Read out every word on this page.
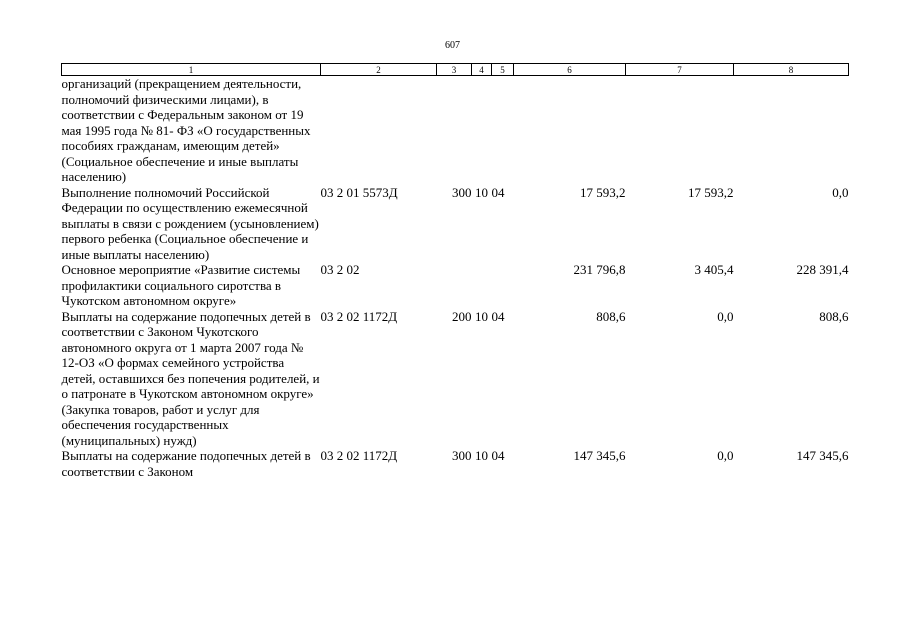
607
1	2	3	4	5	6	7	8
организаций (прекращением деятельности, полномочий физическими лицами), в соответствии с Федеральным законом от 19 мая 1995 года № 81- ФЗ «О государственных пособиях гражданам, имеющим детей» (Социальное обеспечение и иные выплаты населению)							
Выполнение полномочий Российской Федерации по осуществлению ежемесячной выплаты в связи с рождением (усыновлением) первого ребенка (Социальное обеспечение и иные выплаты населению)	03 2 01 5573Д	300	10	04	17 593,2	17 593,2	0,0
Основное мероприятие «Развитие системы профилактики социального сиротства в Чукотском автономном округе»	03 2 02				231 796,8	3 405,4	228 391,4
Выплаты на содержание подопечных детей в соответствии с Законом Чукотского автономного округа от 1 марта 2007 года № 12-ОЗ «О формах семейного устройства детей, оставшихся без попечения родителей, и о патронате в Чукотском автономном округе» (Закупка товаров, работ и услуг для обеспечения государственных (муниципальных) нужд)	03 2 02 1172Д	200	10	04	808,6	0,0	808,6
Выплаты на содержание подопечных детей в соответствии с Законом	03 2 02 1172Д	300	10	04	147 345,6	0,0	147 345,6
